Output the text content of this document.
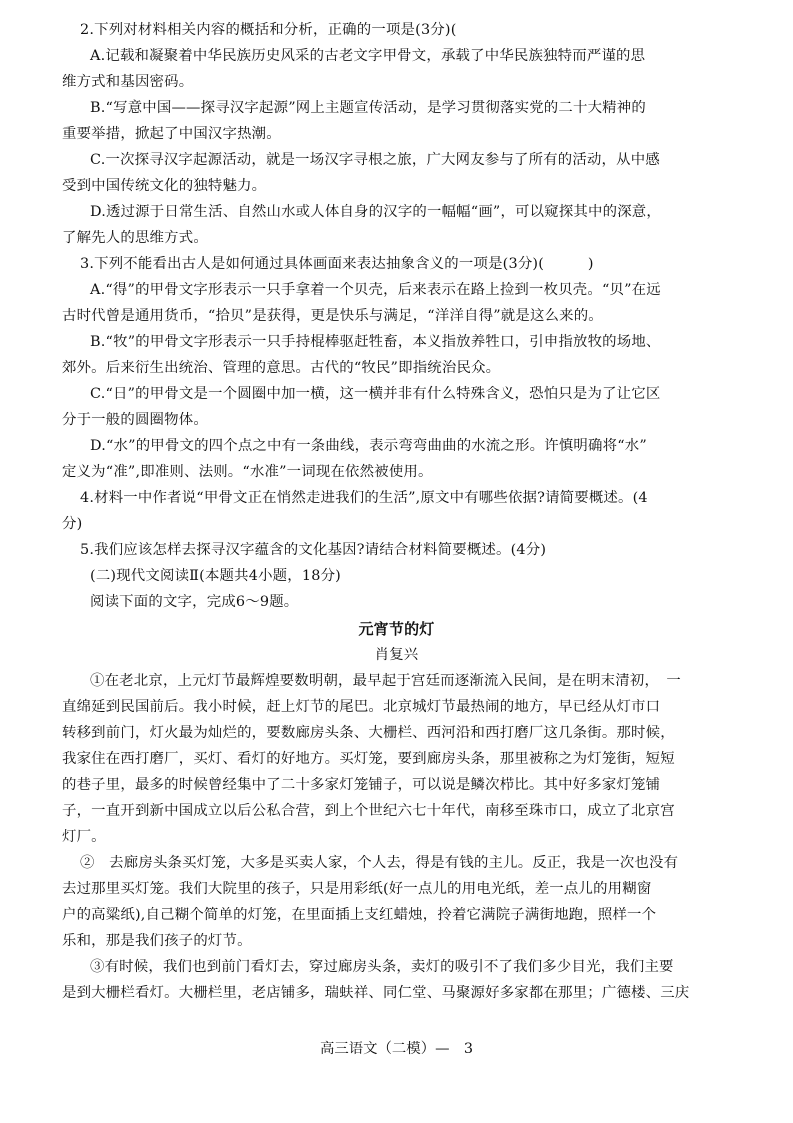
2.下列对材料相关内容的概括和分析，正确的一项是(3分)(
A.记载和凝聚着中华民族历史风采的古老文字甲骨文，承载了中华民族独特而严谨的思
维方式和基因密码。
B.“写意中国——探寻汉字起源”网上主题宣传活动，是学习贯彻落实党的二十大精神的
重要举措，掀起了中国汉字热潮。
C.一次探寻汉字起源活动，就是一场汉字寻根之旅，广大网友参与了所有的活动，从中感
受到中国传统文化的独特魅力。
D.透过源于日常生活、自然山水或人体自身的汉字的一幅幅“画”，可以窥探其中的深意，
了解先人的思维方式。
3.下列不能看出古人是如何通过具体画面来表达抽象含义的一项是(3分)(　　　)
A.“得”的甲骨文字形表示一只手拿着一个贝壳，后来表示在路上捡到一枚贝壳。“贝”在远
古时代曾是通用货币，“拾贝”是获得，更是快乐与满足，“洋洋自得”就是这么来的。
B.“牧”的甲骨文字形表示一只手持棍棒驱赶牲畜，本义指放养牲口，引申指放牧的场地、
郊外。后来衍生出统治、管理的意思。古代的“牧民”即指统治民众。
C.“日”的甲骨文是一个圆圈中加一横，这一横并非有什么特殊含义，恐怕只是为了让它区
分于一般的圆圈物体。
D.“水”的甲骨文的四个点之中有一条曲线，表示弯弯曲曲的水流之形。许慎明确将“水”
定义为“准”,即准则、法则。“水准”一词现在依然被使用。
4.材料一中作者说“甲骨文正在悄然走进我们的生活”,原文中有哪些依据?请简要概述。(4
分)
5.我们应该怎样去探寻汉字蕴含的文化基因?请结合材料简要概述。(4分)
(二)现代文阅读Ⅱ(本题共4小题，18分)
阅读下面的文字，完成6～9题。
元宵节的灯
肖复兴
①在老北京，上元灯节最辉煌要数明朝，最早起于宫廷而逐渐流入民间，是在明末清初，　一
直绵延到民国前后。我小时候，赶上灯节的尾巴。北京城灯节最热闹的地方，早已经从灯市口
转移到前门，灯火最为灿烂的，要数廊房头条、大栅栏、西河沿和西打磨厂这几条街。那时候，
我家住在西打磨厂，买灯、看灯的好地方。买灯笼，要到廊房头条，那里被称之为灯笼街，短短
的巷子里，最多的时候曾经集中了二十多家灯笼铺子，可以说是鳞次栉比。其中好多家灯笼铺
子，一直开到新中国成立以后公私合营，到上个世纪六七十年代，南移至珠市口，成立了北京宫
灯厂。
②　去廊房头条买灯笼，大多是买卖人家，个人去，得是有钱的主儿。反正，我是一次也没有
去过那里买灯笼。我们大院里的孩子，只是用彩纸(好一点儿的用电光纸，差一点儿的用糊窗
户的高粱纸),自己糊个简单的灯笼，在里面插上支红蜡烛，拎着它满院子满街地跑，照样一个
乐和，那是我们孩子的灯节。
③有时候，我们也到前门看灯去，穿过廊房头条，卖灯的吸引不了我们多少目光，我们主要
是到大栅栏看灯。大栅栏里，老店铺多，瑞蚨祥、同仁堂、马聚源好多家都在那里；广德楼、三庆
高三语文（二模）—　3
